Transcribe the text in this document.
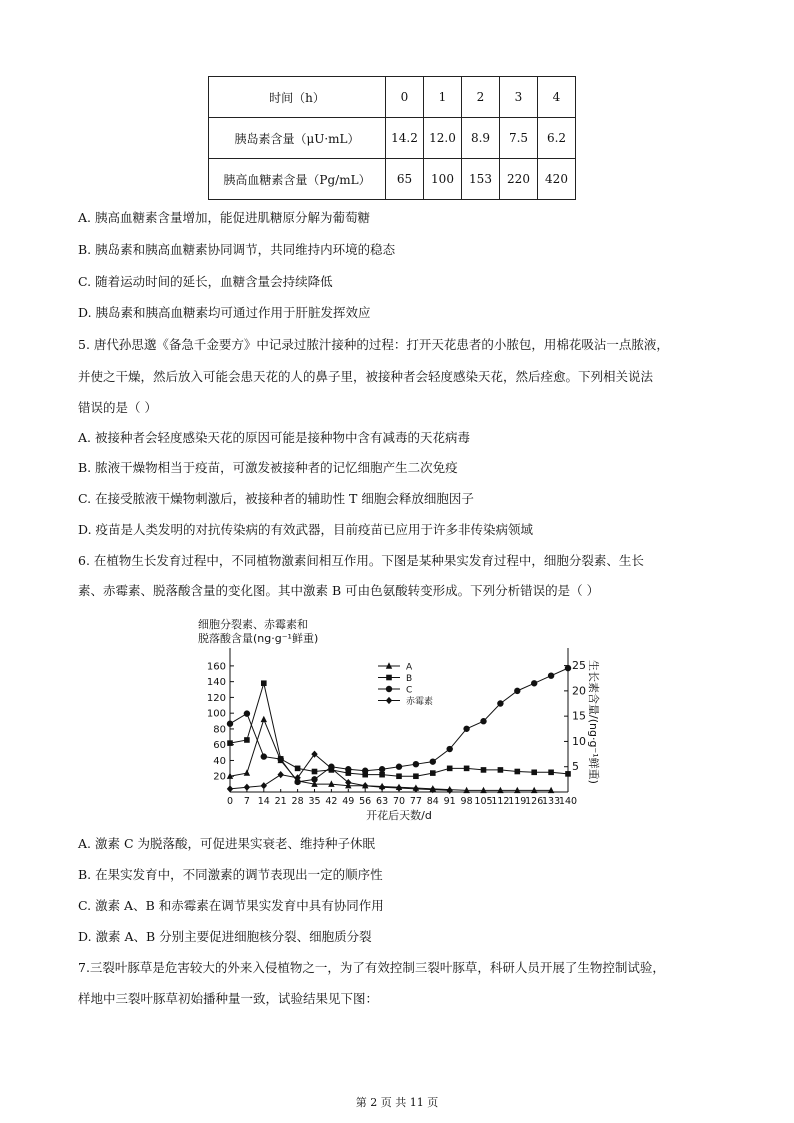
时间（h）	0	1	2	3	4
胰岛素含量（μU·mL）	14.2	12.0	8.9	7.5	6.2
胰高血糖素含量（Pg/mL）	65	100	153	220	420
A. 胰高血糖素含量增加，能促进肌糖原分解为葡萄糖
B. 胰岛素和胰高血糖素协同调节，共同维持内环境的稳态
C. 随着运动时间的延长，血糖含量会持续降低
D. 胰岛素和胰高血糖素均可通过作用于肝脏发挥效应
5. 唐代孙思邈《备急千金要方》中记录过脓汁接种的过程：打开天花患者的小脓包，用棉花吸沾一点脓液，
并使之干燥，然后放入可能会患天花的人的鼻子里，被接种者会轻度感染天花，然后痊愈。下列相关说法
错误的是（ ）
A. 被接种者会轻度感染天花的原因可能是接种物中含有减毒的天花病毒
B. 脓液干燥物相当于疫苗，可激发被接种者的记忆细胞产生二次免疫
C. 在接受脓液干燥物刺激后，被接种者的辅助性 T 细胞会释放细胞因子
D. 疫苗是人类发明的对抗传染病的有效武器，目前疫苗已应用于许多非传染病领域
6. 在植物生长发育过程中，不同植物激素间相互作用。下图是某种果实发育过程中，细胞分裂素、生长
素、赤霉素、脱落酸含量的变化图。其中激素 B 可由色氨酸转变形成。下列分析错误的是（ ）
20
40
60
80
100
120
140
160
5
10
15
20
25
0 7 14 21 28 35 42 49 56 63 70 77 84 91 98 105
112
119
126
133
140
细胞分裂素、赤霉素和
脱落酸含量(ng·g⁻¹鲜重)
开花后天数/d
生长素含量/(ng·g⁻¹鲜重)
A
B
C
赤霉素
A. 激素 C 为脱落酸，可促进果实衰老、维持种子休眠
B. 在果实发育中，不同激素的调节表现出一定的顺序性
C. 激素 A、B 和赤霉素在调节果实发育中具有协同作用
D. 激素 A、B 分别主要促进细胞核分裂、细胞质分裂
7.三裂叶豚草是危害较大的外来入侵植物之一，为了有效控制三裂叶豚草，科研人员开展了生物控制试验，
样地中三裂叶豚草初始播种量一致，试验结果见下图：
第 2 页 共 11 页
